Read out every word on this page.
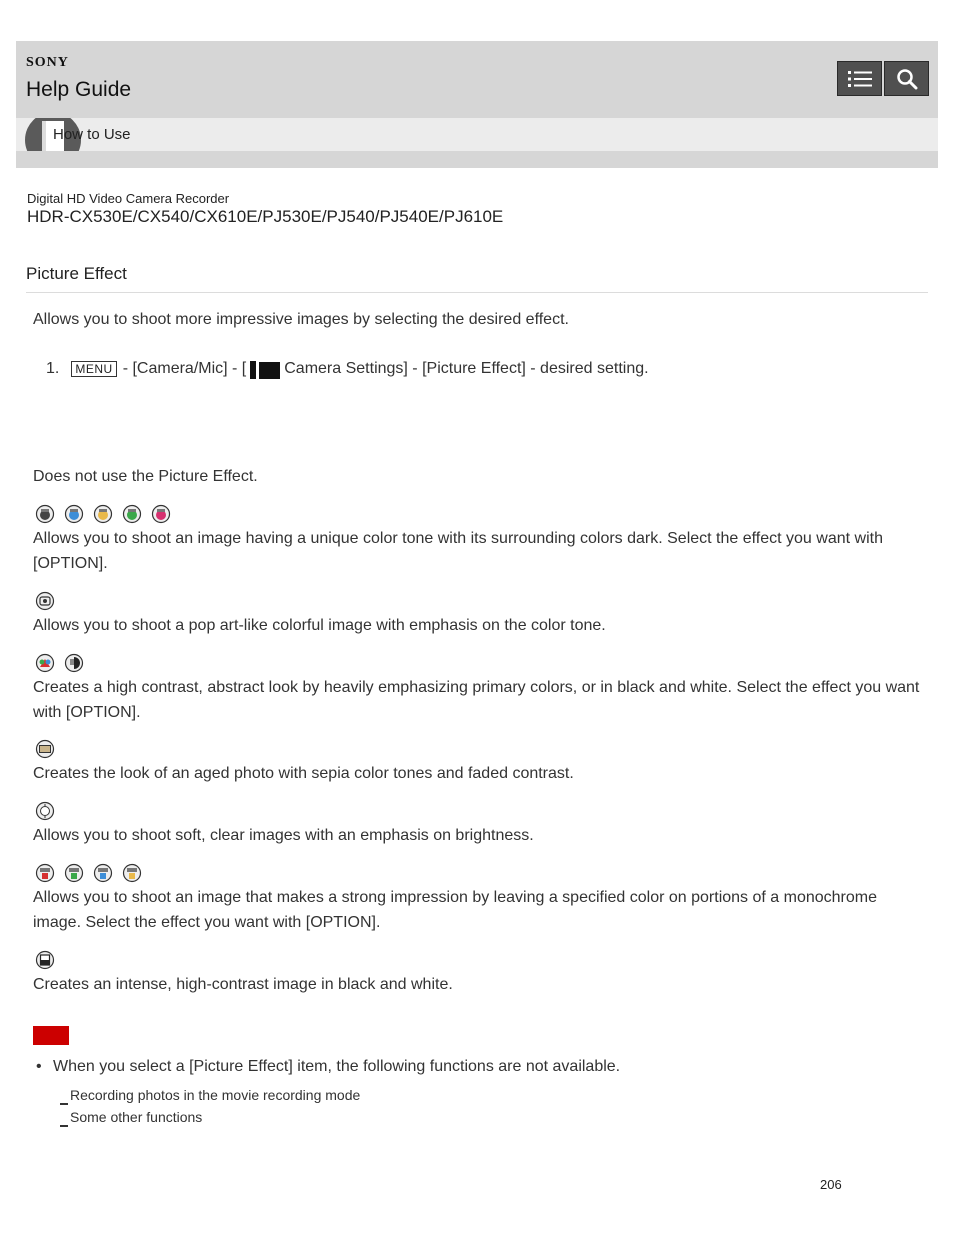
SONY
Help Guide
How to Use
Digital HD Video Camera Recorder
HDR-CX530E/CX540/CX610E/PJ530E/PJ540/PJ540E/PJ610E
Picture Effect
Allows you to shoot more impressive images by selecting the desired effect.
1.	MENU - [Camera/Mic] - [ Camera Settings] - [Picture Effect] - desired setting.
Does not use the Picture Effect.
Allows you to shoot an image having a unique color tone with its surrounding colors dark. Select the effect you want with [OPTION].
Allows you to shoot a pop art-like colorful image with emphasis on the color tone.
Creates a high contrast, abstract look by heavily emphasizing primary colors, or in black and white. Select the effect you want with [OPTION].
Creates the look of an aged photo with sepia color tones and faded contrast.
Allows you to shoot soft, clear images with an emphasis on brightness.
Allows you to shoot an image that makes a strong impression by leaving a specified color on portions of a monochrome image. Select the effect you want with [OPTION].
Creates an intense, high-contrast image in black and white.
• When you select a [Picture Effect] item, the following functions are not available.
Recording photos in the movie recording mode
Some other functions
206
